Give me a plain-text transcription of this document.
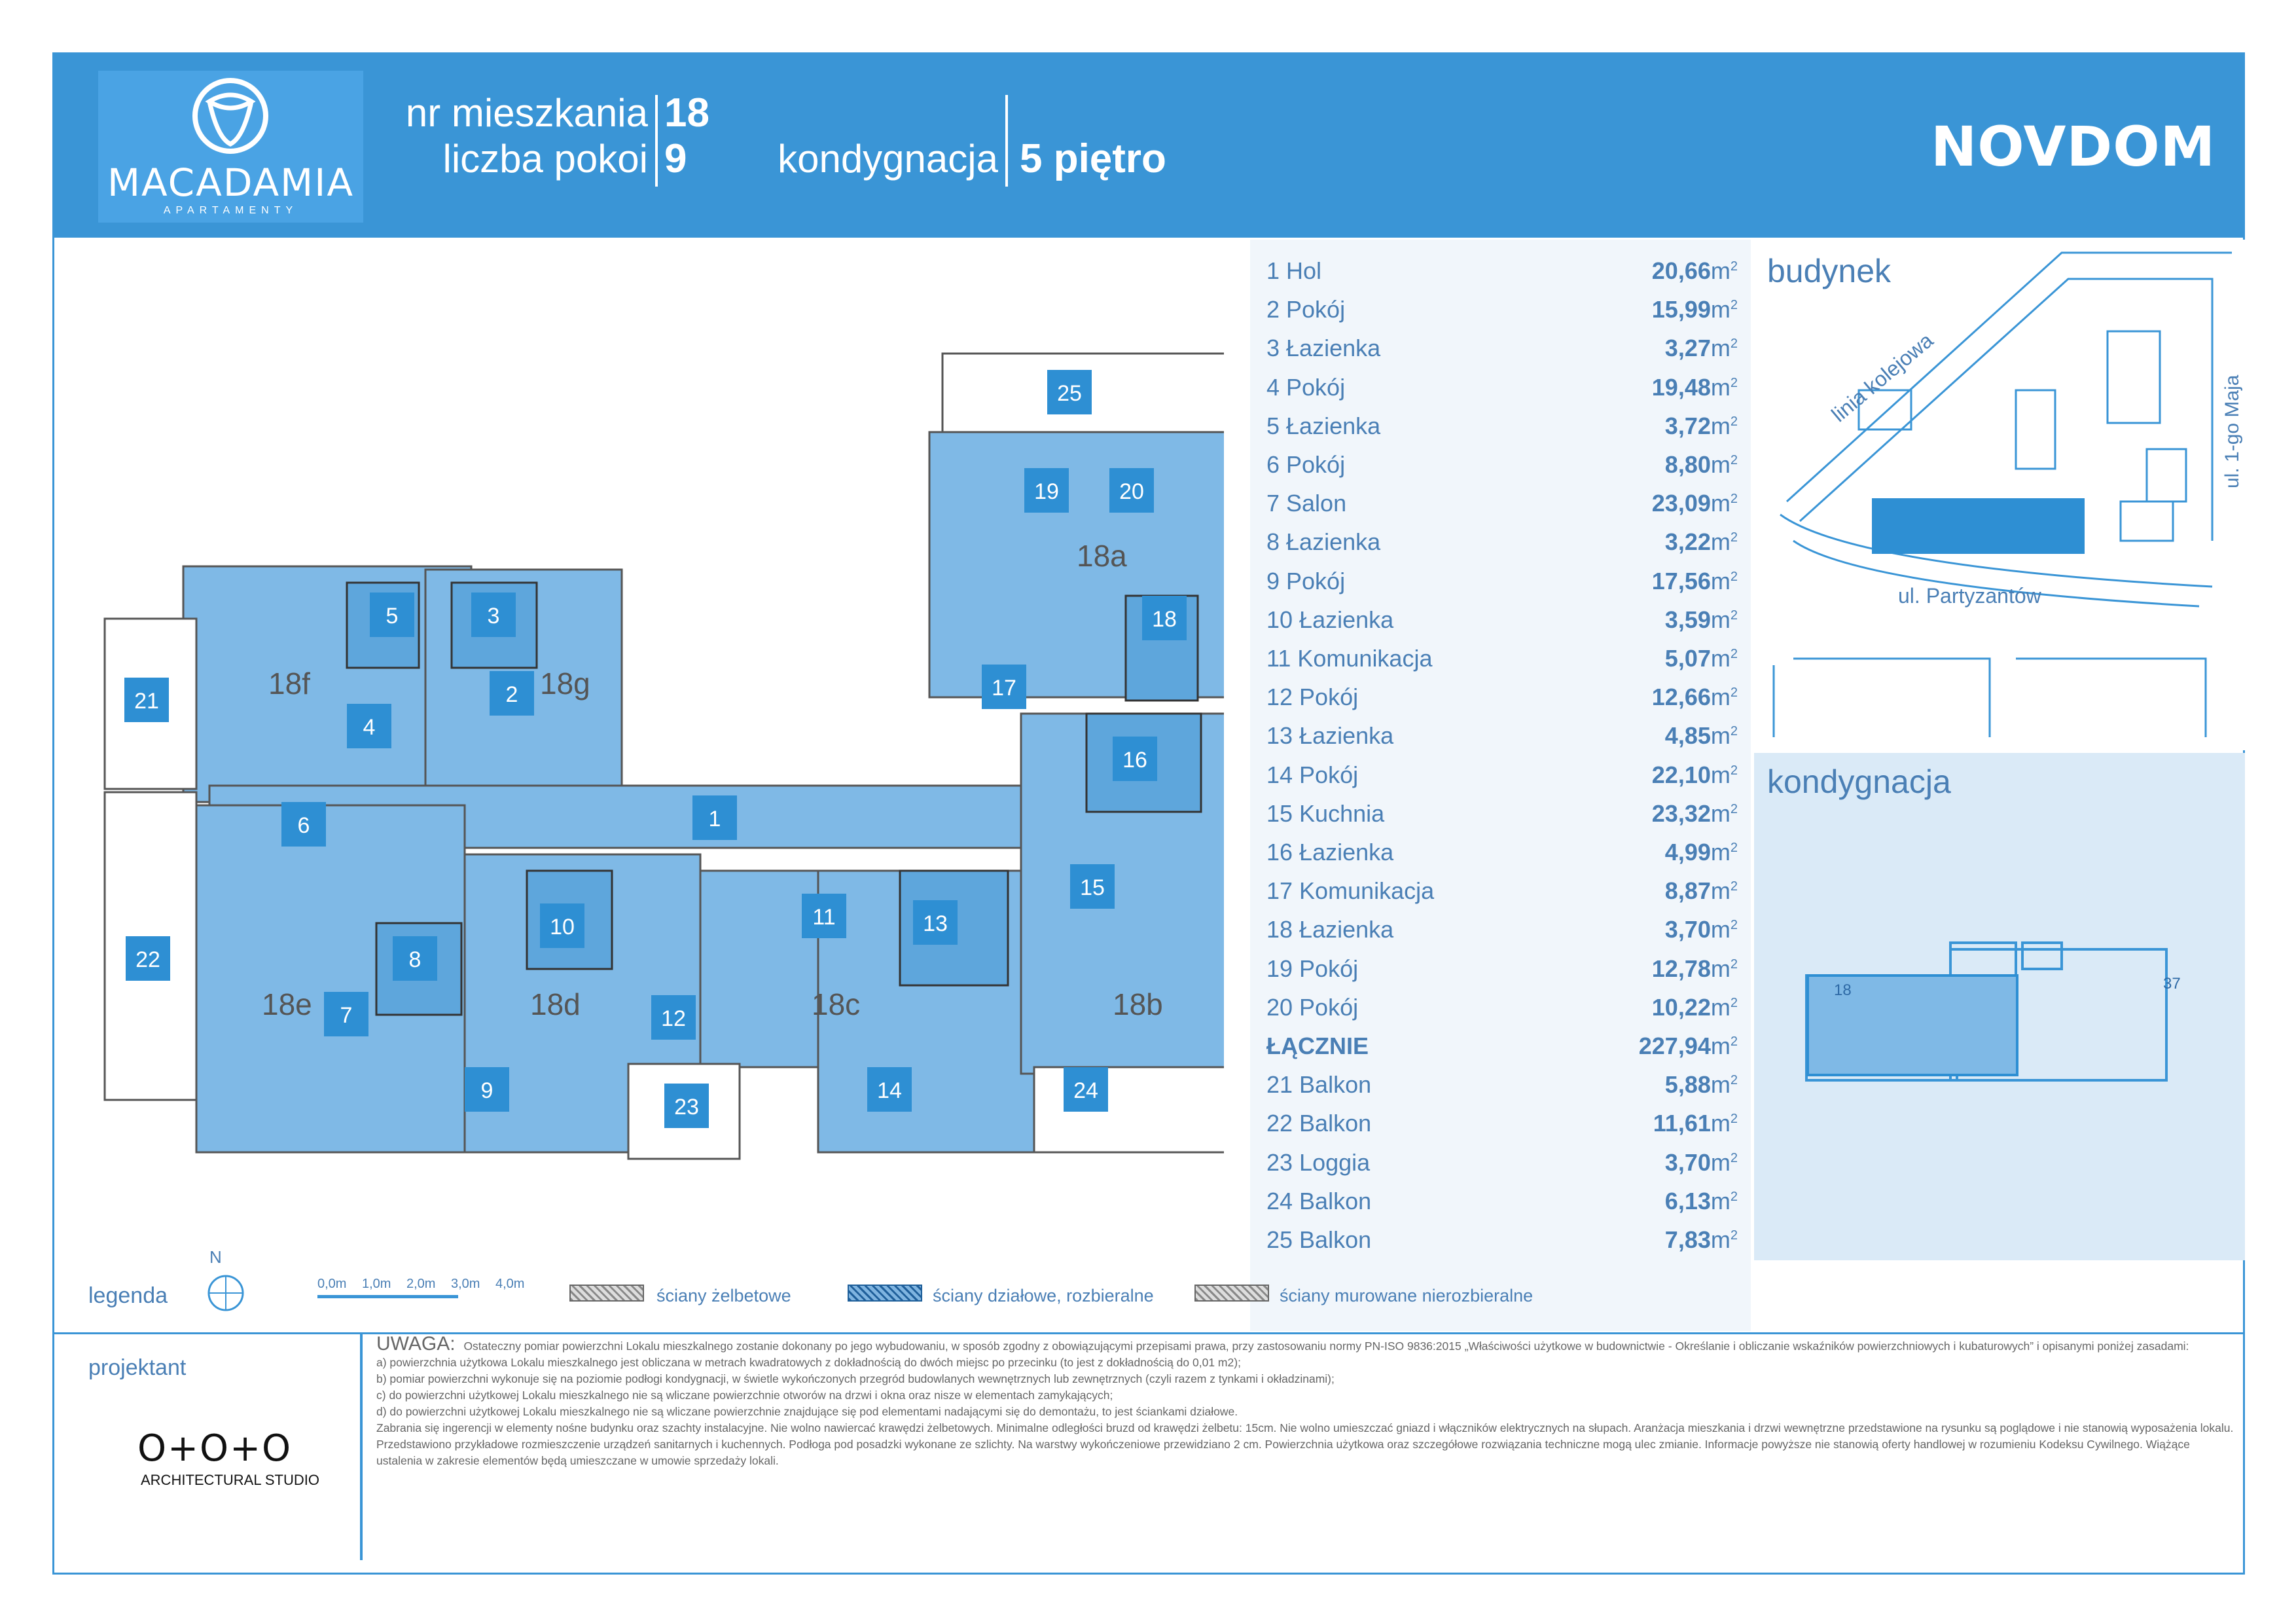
MACADAMIA
APARTAMENTY
nr mieszkania
liczba pokoi
18
9	kondygnacja 5 piętro	NOVDOM
1
2
3
4
5
6
7
8
9
10	11
12
13
14
15
16
17
18
19	20
21
22
23
24
25
18a
18b
18c
18d
18e
18f	18g
1 Hol	$20,66m^2$
2 Pokój	$15,99m^2$
3 Łazienka	$3,27m^2$
4 Pokój	$19,48m^2$
5 Łazienka	$3,72m^2$
6 Pokój	$8,80m^2$
7 Salon	$23,09m^2$
8 Łazienka	$3,22m^2$
9 Pokój	$17,56m^2$
10 Łazienka	$3,59m^2$
11 Komunikacja	$5,07m^2$
12 Pokój	$12,66m^2$
13 Łazienka	$4,85m^2$
14 Pokój	$22,10m^2$
15 Kuchnia	$23,32m^2$
16 Łazienka	$4,99m^2$
17 Komunikacja	$8,87m^2$
18 Łazienka	$3,70m^2$
19 Pokój	$12,78m^2$
20 Pokój	$10,22m^2$
ŁĄCZNIE	$227,94m^2$
21 Balkon	$5,88m^2$
22 Balkon	$11,61m^2$
23 Loggia	$3,70m^2$
24 Balkon	$6,13m^2$
25 Balkon	$7,83m^2$
budynek
linia kolejowa
ul. Partyzantów
ul. 1-go Maja
kondygnacja
18	37
legenda
N
0,0m 1,0m 2,0m 3,0m 4,0m
ściany żelbetowe	ściany działowe, rozbieralne	ściany murowane nierozbieralne
projektant
O+O+O
ARCHITECTURAL STUDIO
UWAGA: Ostateczny pomiar powierzchni Lokalu mieszkalnego zostanie dokonany po jego wybudowaniu, w sposób zgodny z obowiązującymi przepisami prawa, przy zastosowaniu normy PN-ISO 9836:2015 „Właściwości użytkowe w budownictwie - Określanie i obliczanie wskaźników powierzchniowych i kubaturowych” i opisanymi poniżej zasadami:
a) powierzchnia użytkowa Lokalu mieszkalnego jest obliczana w metrach kwadratowych z dokładnością do dwóch miejsc po przecinku (to jest z dokładnością do 0,01 m2);
b) pomiar powierzchni wykonuje się na poziomie podłogi kondygnacji, w świetle wykończonych przegród budowlanych wewnętrznych lub zewnętrznych (czyli razem z tynkami i okładzinami);
c) do powierzchni użytkowej Lokalu mieszkalnego nie są wliczane powierzchnie otworów na drzwi i okna oraz nisze w elementach zamykających;
d) do powierzchni użytkowej Lokalu mieszkalnego nie są wliczane powierzchnie znajdujące się pod elementami nadającymi się do demontażu, to jest ściankami działowe.
Zabrania się ingerencji w elementy nośne budynku oraz szachty instalacyjne. Nie wolno nawiercać krawędzi żelbetowych. Minimalne odległości bruzd od krawędzi żelbetu: 15cm. Nie wolno umieszczać gniazd i włączników elektrycznych na słupach. Aranżacja mieszkania i drzwi wewnętrzne przedstawione na rysunku są poglądowe i nie stanowią wyposażenia lokalu. Przedstawiono przykładowe rozmieszczenie urządzeń sanitarnych i kuchennych. Podłoga pod posadzki wykonane ze szlichty. Na warstwy wykończeniowe przewidziano 2 cm. Powierzchnia użytkowa oraz szczegółowe rozwiązania techniczne mogą ulec zmianie. Informacje powyższe nie stanowią oferty handlowej w rozumieniu Kodeksu Cywilnego. Wiążące ustalenia w zakresie elementów będą umieszczane w umowie sprzedaży lokali.
